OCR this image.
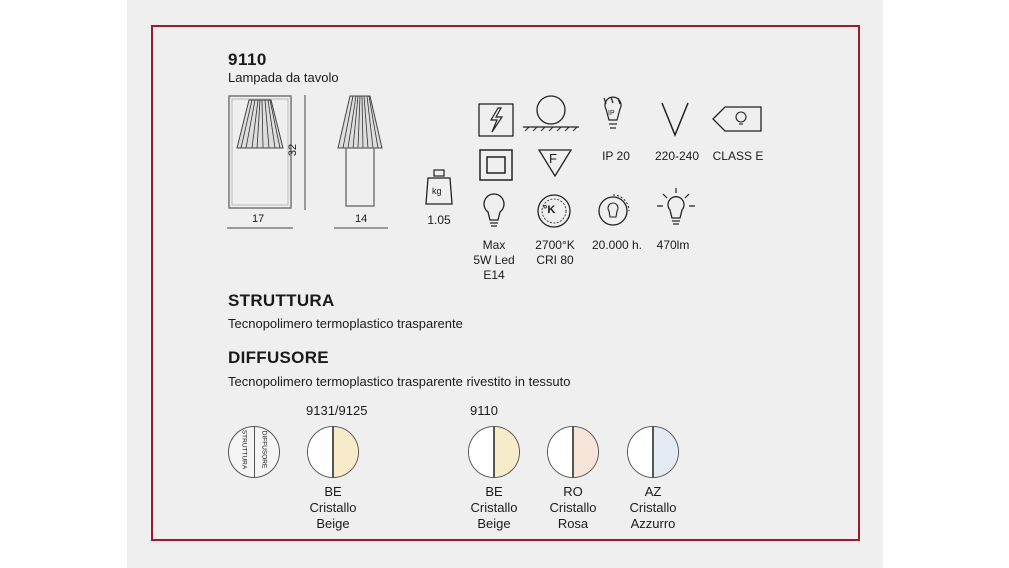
9110
Lampada da tavolo
17
32
14
kg
1.05
IP
F	IP 20	220-240	CLASS E
°K
Max
5W Led
E14
2700°K
CRI 80
20.000 h.	470lm
STRUTTURA
Tecnopolimero termoplastico trasparente
DIFFUSORE
Tecnopolimero termoplastico trasparente rivestito in tessuto
9131/9125	9110
STRUTTURA DIFFUSORE
BE
Cristallo
Beige
BE
Cristallo
Beige
RO
Cristallo
Rosa
AZ
Cristallo
Azzurro
